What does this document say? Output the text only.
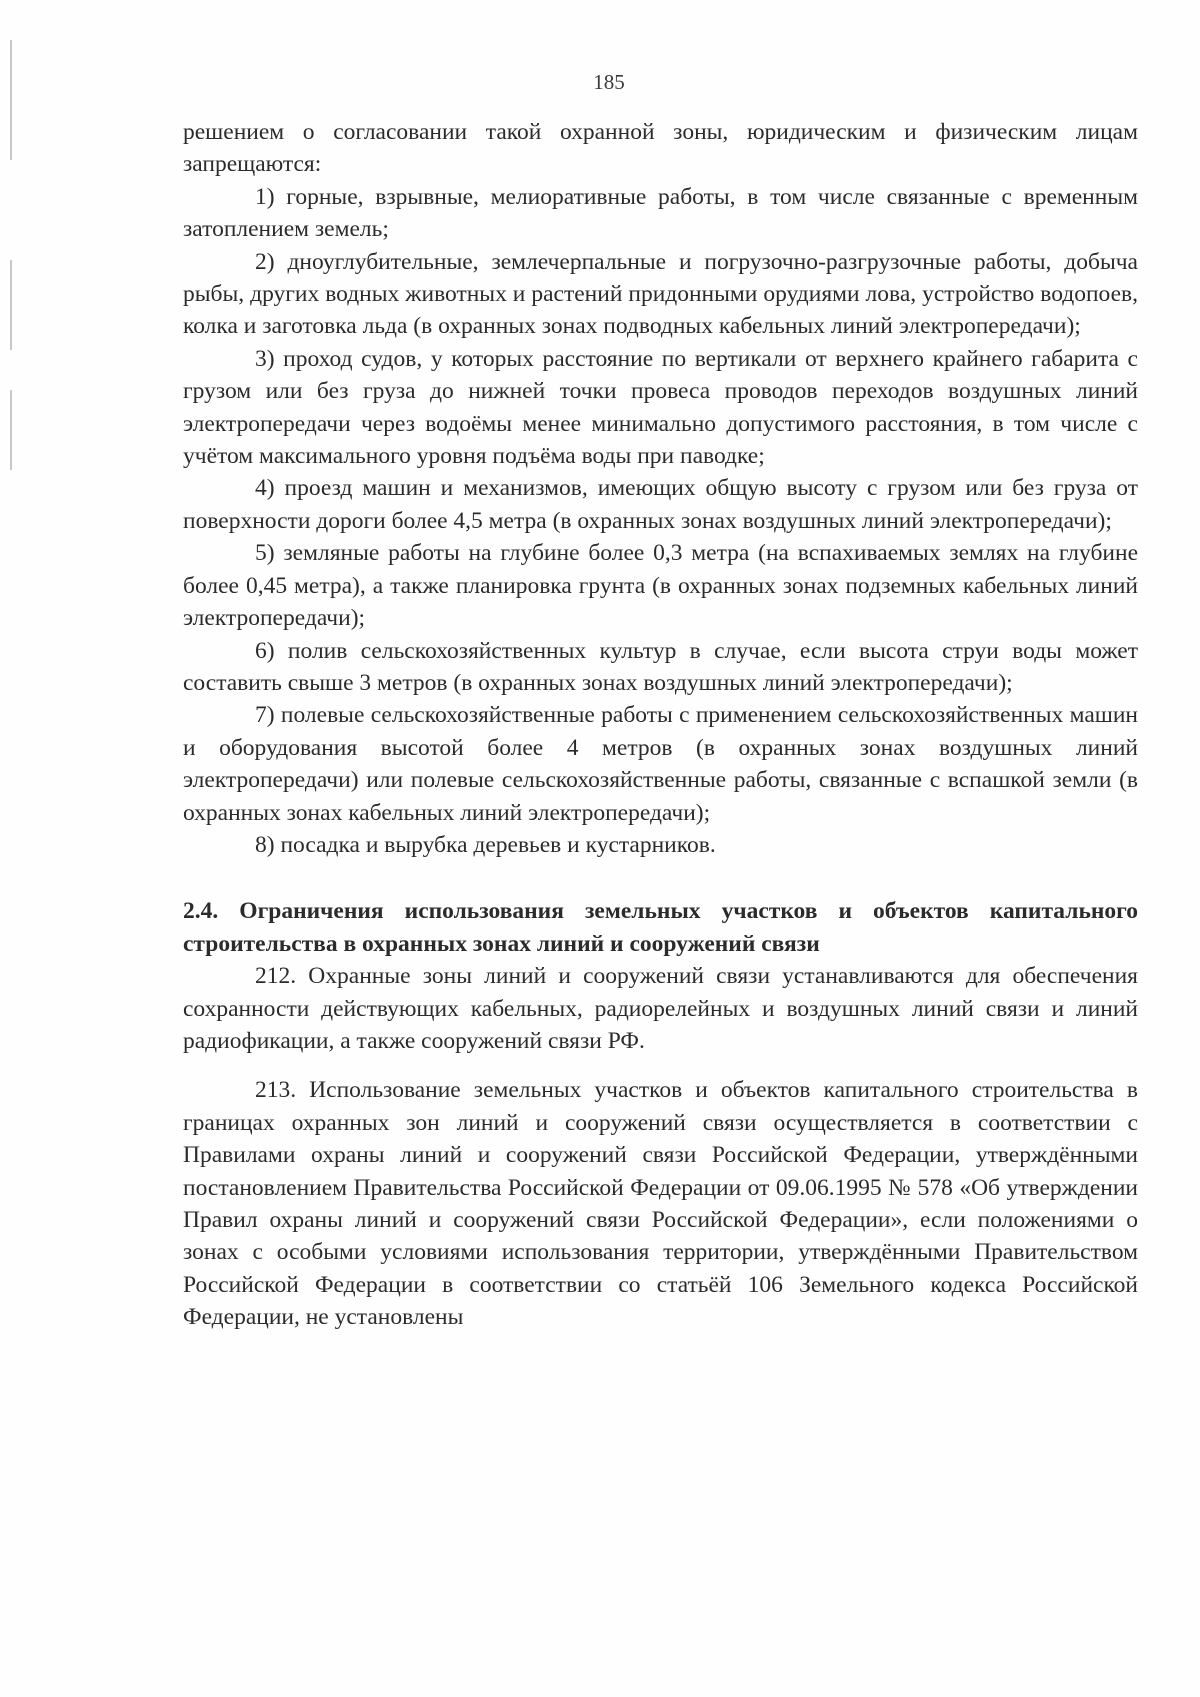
185

решением о согласовании такой охранной зоны, юридическим и физическим лицам запрещаются:

1) горные, взрывные, мелиоративные работы, в том числе связанные с временным затоплением земель;

2) дноуглубительные, землечерпальные и погрузочно-разгрузочные работы, добыча рыбы, других водных животных и растений придонными орудиями лова, устройство водопоев, колка и заготовка льда (в охранных зонах подводных кабельных линий электропередачи);

3) проход судов, у которых расстояние по вертикали от верхнего крайнего габарита с грузом или без груза до нижней точки провеса проводов переходов воздушных линий электропередачи через водоёмы менее минимально допустимого расстояния, в том числе с учётом максимального уровня подъёма воды при паводке;

4) проезд машин и механизмов, имеющих общую высоту с грузом или без груза от поверхности дороги более 4,5 метра (в охранных зонах воздушных линий электропередачи);

5) земляные работы на глубине более 0,3 метра (на вспахиваемых землях на глубине более 0,45 метра), а также планировка грунта (в охранных зонах подземных кабельных линий электропередачи);

6) полив сельскохозяйственных культур в случае, если высота струи воды может составить свыше 3 метров (в охранных зонах воздушных линий электропередачи);

7) полевые сельскохозяйственные работы с применением сельскохозяйственных машин и оборудования высотой более 4 метров (в охранных зонах воздушных линий электропередачи) или полевые сельскохозяйственные работы, связанные с вспашкой земли (в охранных зонах кабельных линий электропередачи);

8) посадка и вырубка деревьев и кустарников.

2.4. Ограничения использования земельных участков и объектов капитального строительства в охранных зонах линий и сооружений связи

212. Охранные зоны линий и сооружений связи устанавливаются для обеспечения сохранности действующих кабельных, радиорелейных и воздушных линий связи и линий радиофикации, а также сооружений связи РФ.

213. Использование земельных участков и объектов капитального строительства в границах охранных зон линий и сооружений связи осуществляется в соответствии с Правилами охраны линий и сооружений связи Российской Федерации, утверждёнными постановлением Правительства Российской Федерации от 09.06.1995 № 578 «Об утверждении Правил охраны линий и сооружений связи Российской Федерации», если положениями о зонах с особыми условиями использования территории, утверждёнными Правительством Российской Федерации в соответствии со статьёй 106 Земельного кодекса Российской Федерации, не установлены
